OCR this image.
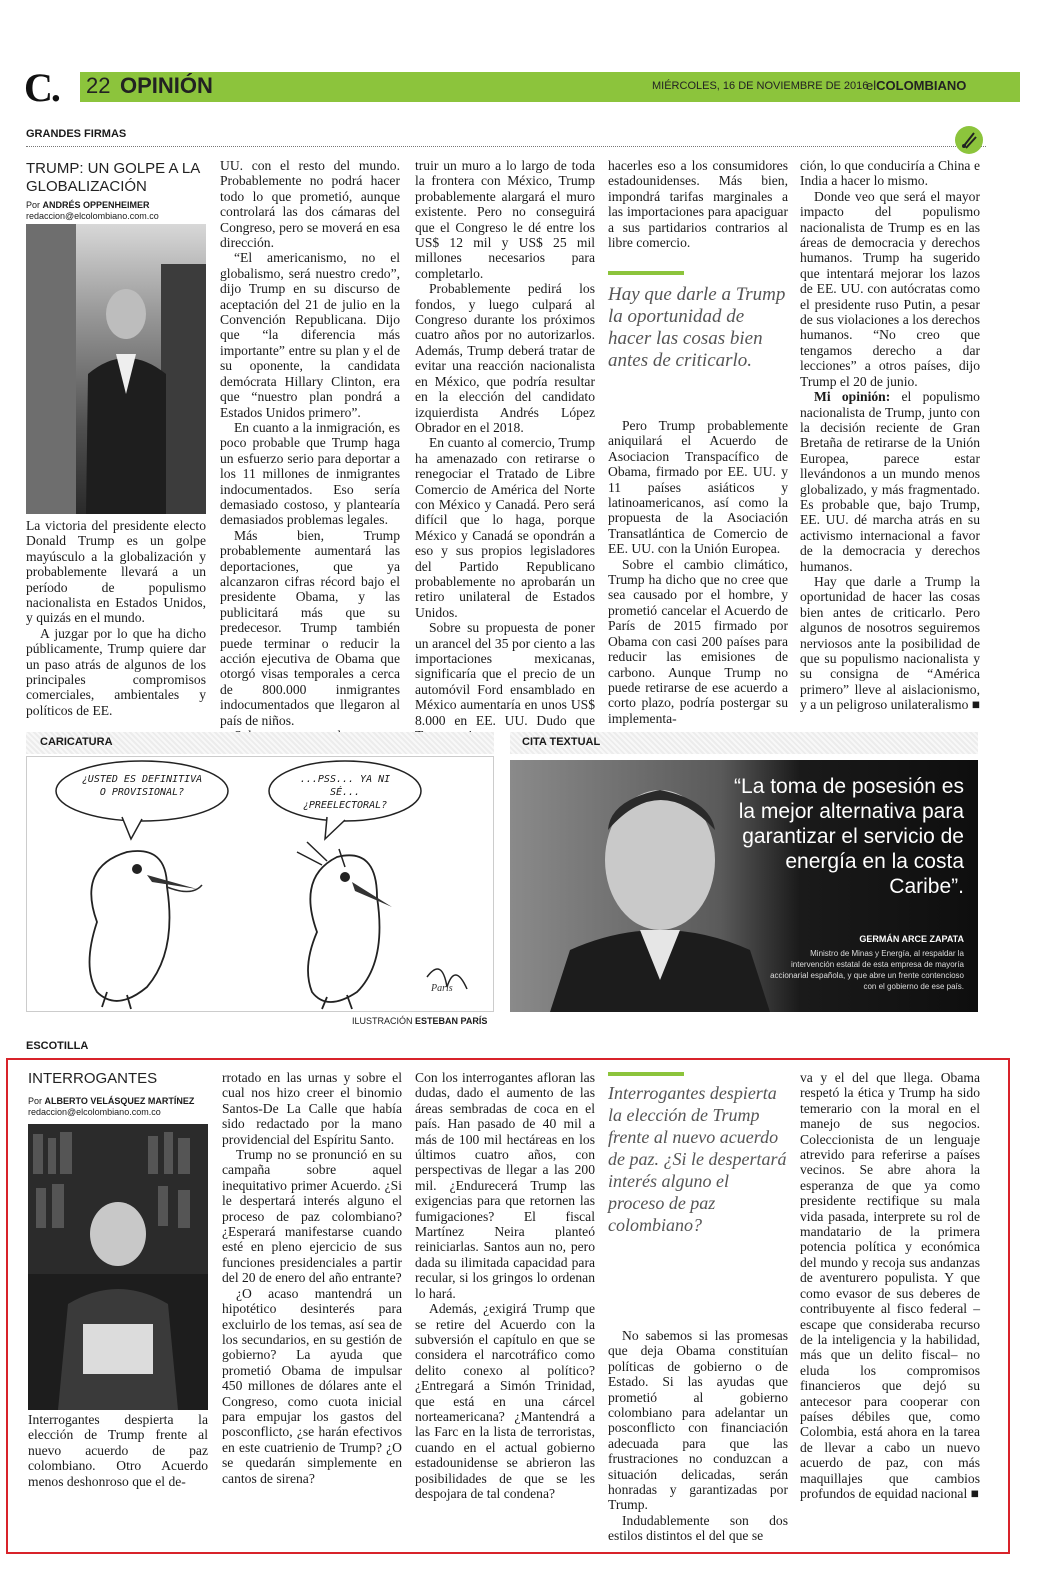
C. 22 OPINIÓN	MIÉRCOLES, 16 DE NOVIEMBRE DE 2016
elCOLOMBIANO
GRANDES FIRMAS
TRUMP: UN GOLPE A LA GLOBALIZACIÓN
Por ANDRÉS OPPENHEIMER
redaccion@elcolombiano.com.co

La victoria del presidente electo Donald Trump es un golpe mayúsculo a la globalización y probablemente llevará a un período de populismo nacionalista en Estados Unidos, y quizás en el mundo.

A juzgar por lo que ha dicho públicamente, Trump quiere dar un paso atrás de algunos de los principales compromisos comerciales, ambientales y políticos de EE.

UU. con el resto del mundo. Probablemente no podrá hacer todo lo que prometió, aunque controlará las dos cámaras del Congreso, pero se moverá en esa dirección.

“El americanismo, no el globalismo, será nuestro credo”, dijo Trump en su discurso de aceptación del 21 de julio en la Convención Republicana. Dijo que “la diferencia más importante” entre su plan y el de su oponente, la candidata demócrata Hillary Clinton, era que “nuestro plan pondrá a Estados Unidos primero”.

En cuanto a la inmigración, es poco probable que Trump haga un esfuerzo serio para deportar a los 11 millones de inmigrantes indocumentados. Eso sería demasiado costoso, y plantearía demasiados problemas legales.

Más bien, Trump probablemente aumentará las deportaciones, que ya alcanzaron cifras récord bajo el presidente Obama, y las publicitará más que su predecesor. Trump también puede terminar o reducir la acción ejecutiva de Obama que otorgó visas temporales a cerca de 800.000 inmigrantes indocumentados que llegaron al país de niños.

truir un muro a lo largo de toda la frontera con México, Trump probablemente alargará el muro existente. Pero no conseguirá que el Congreso le dé entre los US$ 12 mil y US$ 25 mil millones necesarios para completarlo.

Probablemente pedirá los fondos, y luego culpará al Congreso durante los próximos cuatro años por no autorizarlos. Además, Trump deberá tratar de evitar una reacción nacionalista en México, que podría resultar en la elección del candidato izquierdista Andrés López Obrador en el 2018.

En cuanto al comercio, Trump ha amenazado con retirarse o renegociar el Tratado de Libre Comercio de América del Norte con México y Canadá. Pero será difícil que lo haga, porque México y Canadá se opondrán a eso y sus propios legisladores del Partido Republicano probablemente no aprobarán un retiro unilateral de Estados Unidos.

Sobre su propuesta de poner un arancel del 35 por ciento a las importaciones mexicanas, significaría que el precio de un automóvil Ford ensamblado en México aumentaría en unos US$ 8.000 en EE. UU. Dudo que

hacerles eso a los consumidores estadounidenses. Más bien, impondrá tarifas marginales a las importaciones para apaciguar a sus partidarios contrarios al libre comercio.

Hay que darle a Trump la oportunidad de hacer las cosas bien antes de criticarlo.

Pero Trump probablemente aniquilará el Acuerdo de Asociacion Transpacífico de Obama, firmado por EE. UU. y 11 países asiáticos y latinoamericanos, así como la propuesta de la Asociación Transatlántica de Comercio de EE. UU. con la Unión Europea.

Sobre el cambio climático, Trump ha dicho que no cree que sea causado por el hombre, y prometió cancelar el Acuerdo de París de 2015 firmado por Obama con casi 200 países para reducir las emisiones de carbono. Aunque Trump no puede retirarse de ese acuerdo a corto plazo, podría postergar su implementa-

ción, lo que conduciría a China e India a hacer lo mismo.

Donde veo que será el mayor impacto del populismo nacionalista de Trump es en las áreas de democracia y derechos humanos. Trump ha sugerido que intentará mejorar los lazos de EE. UU. con autócratas como el presidente ruso Putin, a pesar de sus violaciones a los derechos humanos. “No creo que tengamos derecho a dar lecciones” a otros países, dijo Trump el 20 de junio.

Mi opinión: el populismo nacionalista de Trump, junto con la decisión reciente de Gran Bretaña de retirarse de la Unión Europea, parece estar llevándonos a un mundo menos globalizado, y más fragmentado. Es probable que, bajo Trump, EE. UU. dé marcha atrás en su activismo internacional a favor de la democracia y derechos humanos.

Hay que darle a Trump la oportunidad de hacer las cosas bien antes de criticarlo. Pero algunos de nosotros seguiremos nerviosos ante la posibilidad de que su populismo nacionalista y su consigna de “América primero” lleve al aislacionismo, y a un peligroso unilateralismo ■

CARICATURA
¿USTED ES DEFINITIVA O PROVISIONAL?
...PSS... YA NI SÉ... ¿PREELECTORAL?
Paris
ILUSTRACIÓN ESTEBAN PARÍS
CITA TEXTUAL
“La toma de posesión es la mejor alternativa para garantizar el servicio de energía en la costa Caribe”.
GERMÁN ARCE ZAPATA
Ministro de Minas y Energía, al respaldar la intervención estatal de esta empresa de mayoría accionarial española, y que abre un frente contencioso con el gobierno de ese país.
ESCOTILLA
INTERROGANTES
Por ALBERTO VELÁSQUEZ MARTÍNEZ
redaccion@elcolombiano.com.co

Interrogantes despierta la elección de Trump frente al nuevo acuerdo de paz colombiano. Otro Acuerdo menos deshonroso que el de-

rrotado en las urnas y sobre el cual nos hizo creer el binomio Santos-De La Calle que había sido redactado por la mano providencial del Espíritu Santo.

Trump no se pronunció en su campaña sobre aquel inequitativo primer Acuerdo. ¿Si le despertará interés alguno el proceso de paz colombiano? ¿Esperará manifestarse cuando esté en pleno ejercicio de sus funciones presidenciales a partir del 20 de enero del año entrante?

¿O acaso mantendrá un hipotético desinterés para excluirlo de los temas, así sea de los secundarios, en su gestión de gobierno? La ayuda que prometió Obama de impulsar 450 millones de dólares ante el Congreso, como cuota inicial para empujar los gastos del posconflicto, ¿se harán efectivos en este cuatrienio de Trump? ¿O se quedarán simplemente en cantos de sirena?

Con los interrogantes afloran las dudas, dado el aumento de las áreas sembradas de coca en el país. Han pasado de 40 mil a más de 100 mil hectáreas en los últimos cuatro años, con perspectivas de llegar a las 200 mil. ¿Endurecerá Trump las exigencias para que retornen las fumigaciones? El fiscal Martínez Neira planteó reiniciarlas. Santos aun no, pero dada su ilimitada capacidad para recular, si los gringos lo ordenan lo hará.

Además, ¿exigirá Trump que se retire del Acuerdo con la subversión el capítulo en que se considera el narcotráfico como delito conexo al político? ¿Entregará a Simón Trinidad, que está en una cárcel norteamericana? ¿Mantendrá a las Farc en la lista de terroristas, cuando en el actual gobierno estadounidense se abrieron las posibilidades de que se les despojara de tal condena?

Interrogantes despierta la elección de Trump frente al nuevo acuerdo de paz. ¿Si le despertará interés alguno el proceso de paz colombiano?

No sabemos si las promesas que deja Obama constituían políticas de gobierno o de Estado. Si las ayudas que prometió al gobierno colombiano para adelantar un posconflicto con financiación adecuada para que las frustraciones no conduzcan a situación delicadas, serán honradas y garantizadas por Trump.

Indudablemente son dos estilos distintos el del que se

va y el del que llega. Obama respetó la ética y Trump ha sido temerario con la moral en el manejo de sus negocios. Coleccionista de un lenguaje atrevido para referirse a países vecinos. Se abre ahora la esperanza de que ya como presidente rectifique su mala vida pasada, interprete su rol de mandatario de la primera potencia política y económica del mundo y recoja sus andanzas de aventurero populista. Y que como evasor de sus deberes de contribuyente al fisco federal –escape que consideraba recurso de la inteligencia y la habilidad, más que un delito fiscal– no eluda los compromisos financieros que dejó su antecesor para cooperar con países débiles que, como Colombia, está ahora en la tarea de llevar a cabo un nuevo acuerdo de paz, con más maquillajes que cambios profundos de equidad nacional ■
